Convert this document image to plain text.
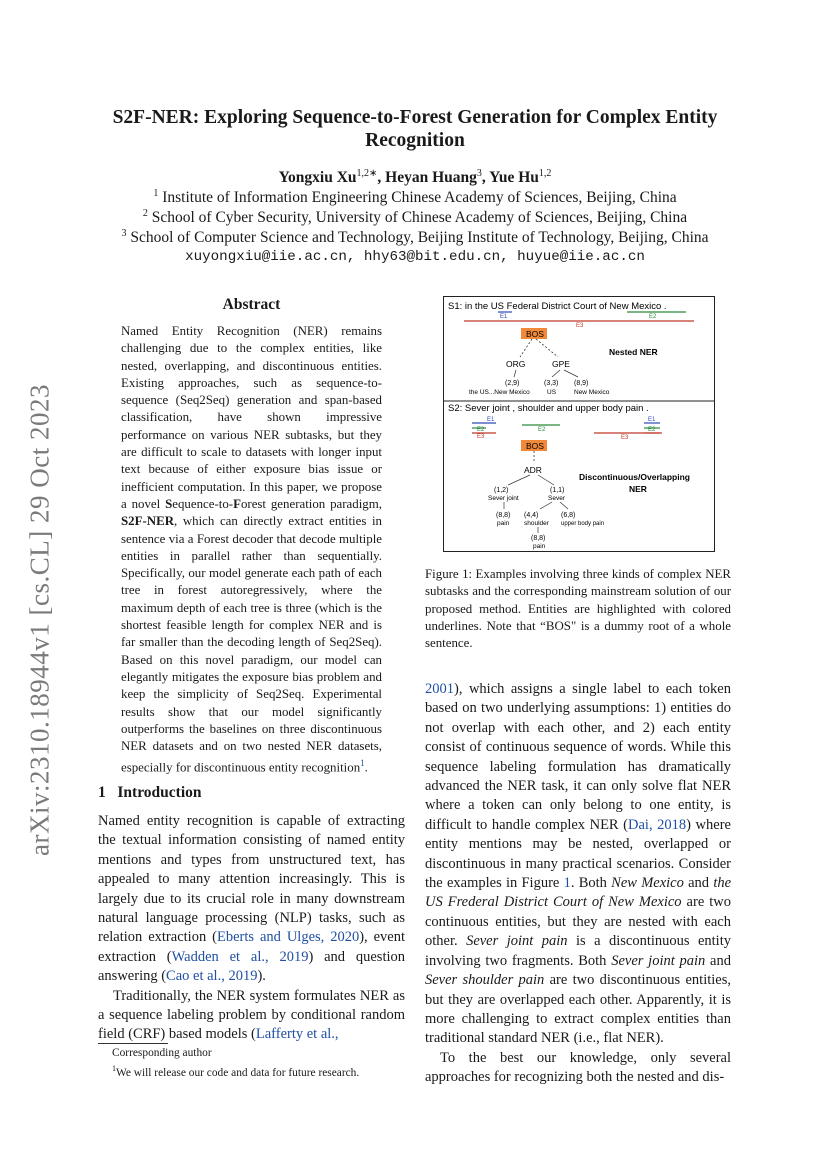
arXiv:2310.18944v1 [cs.CL] 29 Oct 2023
S2F-NER: Exploring Sequence-to-Forest Generation for Complex Entity
Recognition
Yongxiu $Xu^{1,2∗}$, Heyan Huang$^3$, Yue Hu$^{1,2}$
$^1$ Institute of Information Engineering Chinese Academy of Sciences, Beijing, China
$^2$ School of Cyber Security, University of Chinese Academy of Sciences, Beijing, China
$^3$ School of Computer Science and Technology, Beijing Institute of Technology, Beijing, China
xuyongxiu@iie.ac.cn, hhy63@bit.edu.cn, huyue@iie.ac.cn
Abstract

Named Entity Recognition (NER) remains challenging due to the complex entities, like nested, overlapping, and discontinuous entities. Existing approaches, such as sequence-to-sequence (Seq2Seq) generation and span-based classification, have shown impressive performance on various NER subtasks, but they are difficult to scale to datasets with longer input text because of either exposure bias issue or inefficient computation. In this paper, we propose a novel Sequence-to-Forest generation paradigm, S2F-NER, which can directly extract entities in sentence via a Forest decoder that decode multiple entities in parallel rather than sequentially. Specifically, our model generate each path of each tree in forest autoregressively, where the maximum depth of each tree is three (which is the shortest feasible length for complex NER and is far smaller than the decoding length of Seq2Seq). Based on this novel paradigm, our model can elegantly mitigates the exposure bias problem and keep the simplicity of Seq2Seq. Experimental results show that our model significantly outperforms the baselines on three discontinuous NER datasets and on two nested NER datasets, especially for discontinuous entity recognition$^1$.

1   Introduction

Named entity recognition is capable of extracting the textual information consisting of named entity mentions and types from unstructured text, has appealed to many attention increasingly. This is largely due to its crucial role in many downstream natural language processing (NLP) tasks, such as relation extraction (Eberts and Ulges, 2020), event extraction (Wadden et al., 2019) and question answering (Cao et al., 2019).

Traditionally, the NER system formulates NER as a sequence labeling problem by conditional random field (CRF) based models (Lafferty et al.,

Corresponding author
$^1$We will release our code and data for future research.
S1: in the US Federal District Court of New Mexico .
E1	E2
E3
BOS
Nested NER
ORG	GPE
(2,9)	(3,3) (8,9)
the US...New Mexico	US	New Mexico
S2: Sever joint , shoulder and upper body pain .
E1
E2
E3
E2
E3
E1
E2
BOS
ADR
Discontinuous/Overlapping
NER
(1,2)
Sever joint
(1,1)
Sever
(8,8)
pain
(4,4)
shoulder
(6,8)
upper body pain
(8,8)
pain

Figure 1: Examples involving three kinds of complex NER subtasks and the corresponding mainstream solution of our proposed method. Entities are highlighted with colored underlines. Note that “BOS" is a dummy root of a whole sentence.

2001), which assigns a single label to each token based on two underlying assumptions: 1) entities do not overlap with each other, and 2) each entity consist of continuous sequence of words. While this sequence labeling formulation has dramatically advanced the NER task, it can only solve flat NER where a token can only belong to one entity, is difficult to handle complex NER (Dai, 2018) where entity mentions may be nested, overlapped or discontinuous in many practical scenarios. Consider the examples in Figure 1. Both New Mexico and the US Frederal District Court of New Mexico are two continuous entities, but they are nested with each other. Sever joint pain is a discontinuous entity involving two fragments. Both Sever joint pain and Sever shoulder pain are two discontinuous entities, but they are overlapped each other. Apparently, it is more challenging to extract complex entities than traditional standard NER (i.e., flat NER).

To the best our knowledge, only several approaches for recognizing both the nested and dis-
